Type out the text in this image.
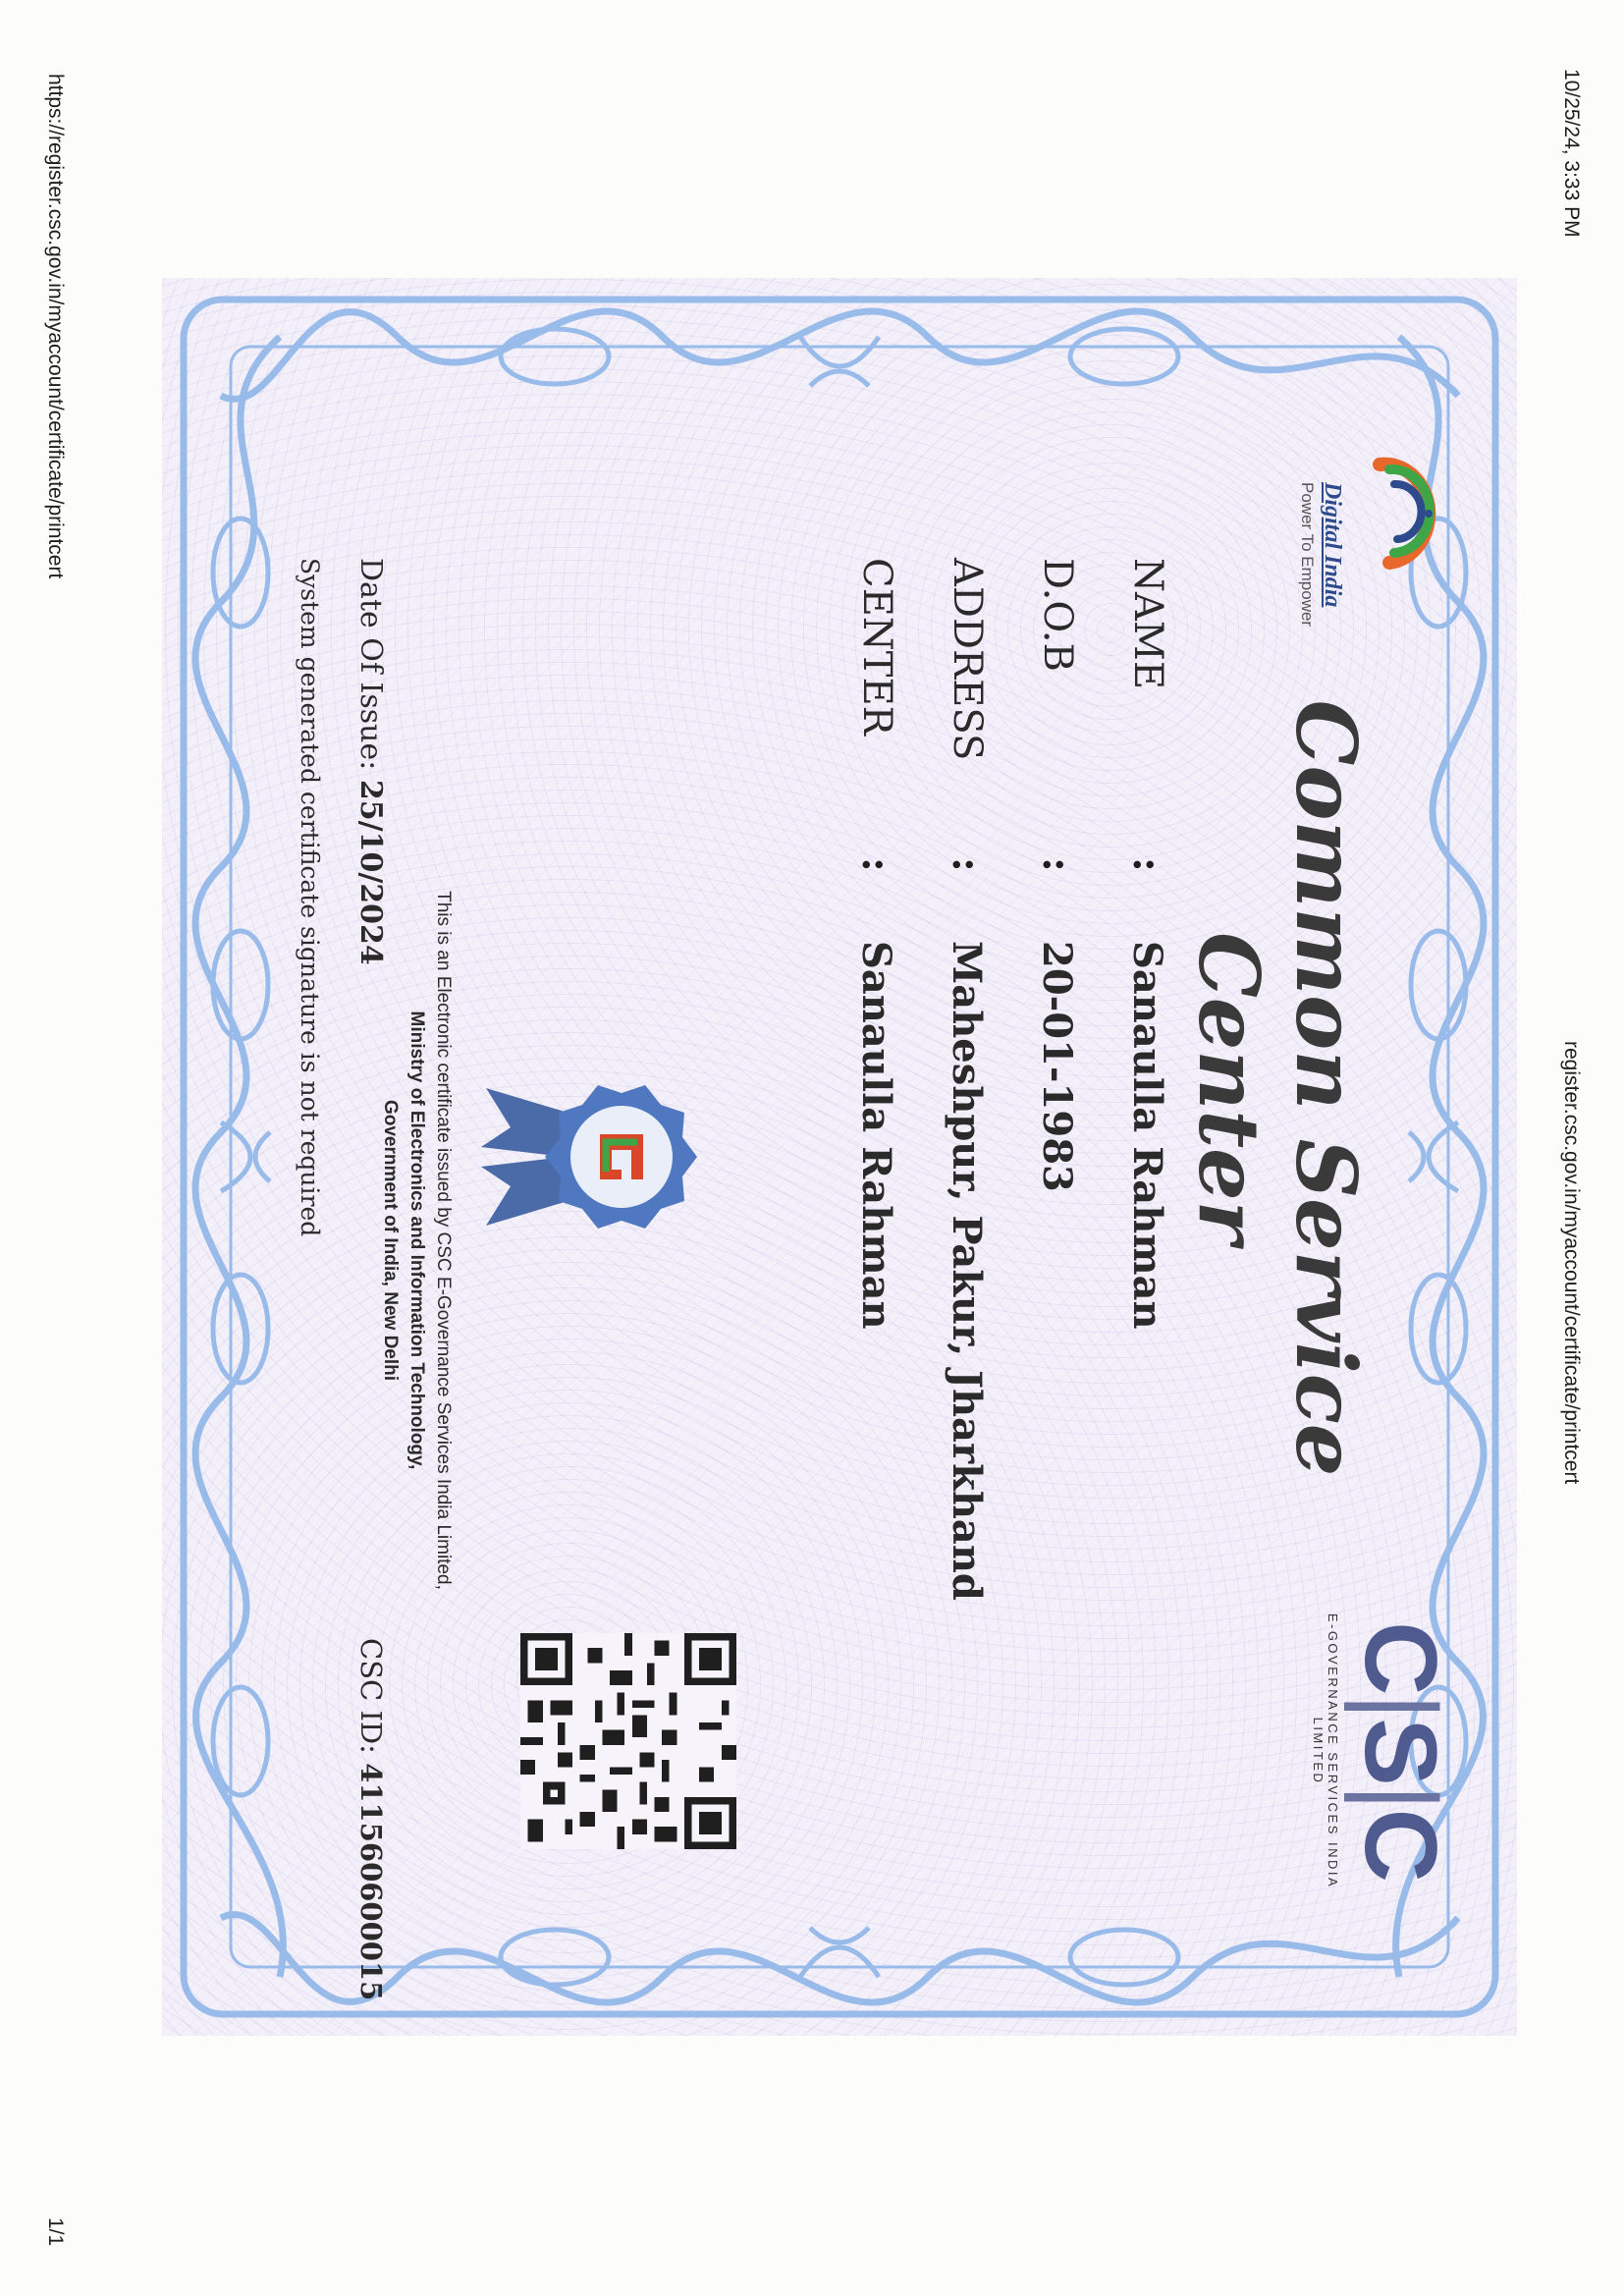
10/25/24, 3:33 PM
register.csc.gov.in/myaccount/certificate/printcert
https://register.csc.gov.in/myaccount/certificate/printcert
1/1
Digital India
Power To Empower
Common Service Center
C|S|C
E-GOVERNANCE SERVICES INDIA LIMITED
NAME
:
Sanaulla Rahman
D.O.B
:
20-01-1983
ADDRESS
:
Maheshpur, Pakur, Jharkhand
CENTER
:
Sanaulla Rahman
This is an Electronic certificate issued by CSC E-Governance Services India Limited,
Ministry of Electronics and Information Technology,
Government of India, New Delhi
Date Of Issue: 25/10/2024
CSC ID: 411560600015
System generated certificate signature is not required
